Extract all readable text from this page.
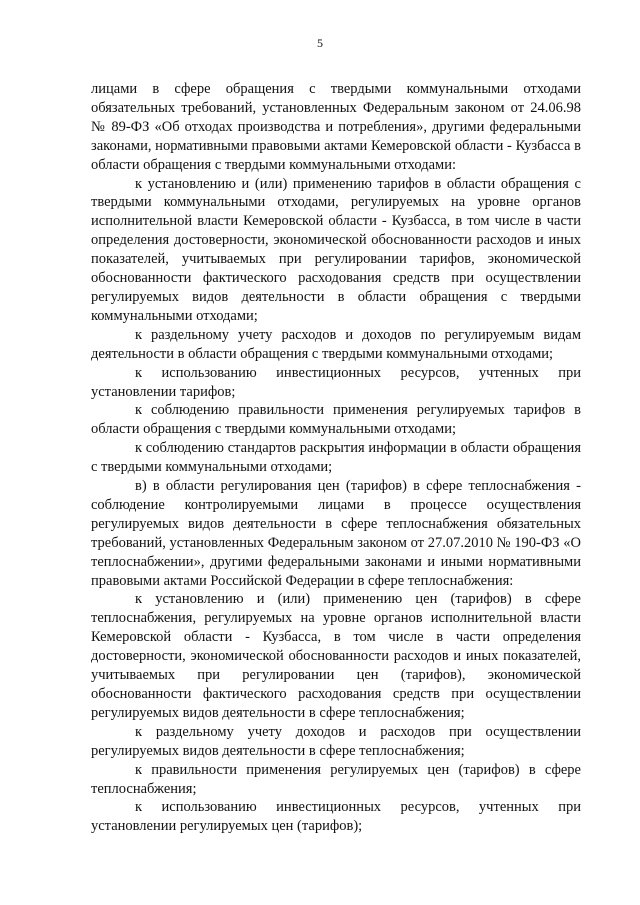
5

лицами в сфере обращения с твердыми коммунальными отходами обязательных требований, установленных Федеральным законом от 24.06.98 № 89-ФЗ «Об отходах производства и потребления», другими федеральными законами, нормативными правовыми актами Кемеровской области - Кузбасса в области обращения с твердыми коммунальными отходами:

к установлению и (или) применению тарифов в области обращения с твердыми коммунальными отходами, регулируемых на уровне органов исполнительной власти Кемеровской области - Кузбасса, в том числе в части определения достоверности, экономической обоснованности расходов и иных показателей, учитываемых при регулировании тарифов, экономической обоснованности фактического расходования средств при осуществлении регулируемых видов деятельности в области обращения с твердыми коммунальными отходами;

к раздельному учету расходов и доходов по регулируемым видам деятельности в области обращения с твердыми коммунальными отходами;

к использованию инвестиционных ресурсов, учтенных при установлении тарифов;

к соблюдению правильности применения регулируемых тарифов в области обращения с твердыми коммунальными отходами;

к соблюдению стандартов раскрытия информации в области обращения с твердыми коммунальными отходами;

в) в области регулирования цен (тарифов) в сфере теплоснабжения - соблюдение контролируемыми лицами в процессе осуществления регулируемых видов деятельности в сфере теплоснабжения обязательных требований, установленных Федеральным законом от 27.07.2010 № 190-ФЗ «О теплоснабжении», другими федеральными законами и иными нормативными правовыми актами Российской Федерации в сфере теплоснабжения:

к установлению и (или) применению цен (тарифов) в сфере теплоснабжения, регулируемых на уровне органов исполнительной власти Кемеровской области - Кузбасса, в том числе в части определения достоверности, экономической обоснованности расходов и иных показателей, учитываемых при регулировании цен (тарифов), экономической обоснованности фактического расходования средств при осуществлении регулируемых видов деятельности в сфере теплоснабжения;

к раздельному учету доходов и расходов при осуществлении регулируемых видов деятельности в сфере теплоснабжения;

к правильности применения регулируемых цен (тарифов) в сфере теплоснабжения;

к использованию инвестиционных ресурсов, учтенных при установлении регулируемых цен (тарифов);
